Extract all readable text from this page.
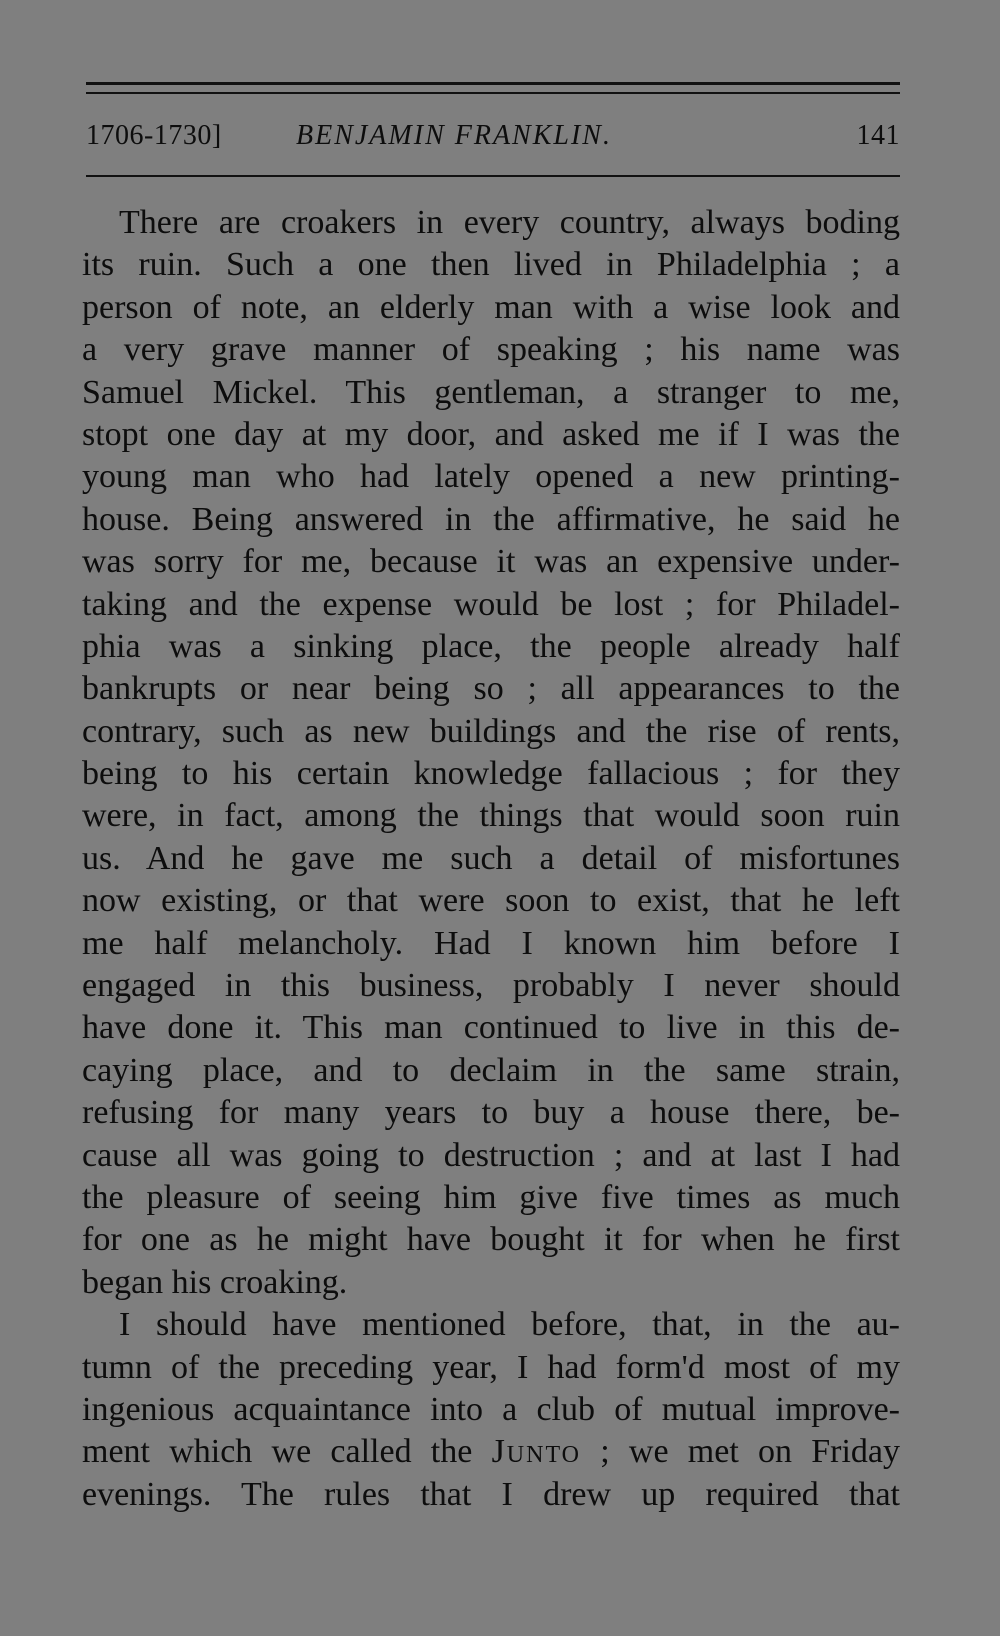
1706-1730]	BENJAMIN FRANKLIN.	141
There are croakers in every country, always boding
its ruin. Such a one then lived in Philadelphia ; a
person of note, an elderly man with a wise look and
a very grave manner of speaking ; his name was
Samuel Mickel. This gentleman, a stranger to me,
stopt one day at my door, and asked me if I was the
young man who had lately opened a new printing-
house. Being answered in the affirmative, he said he
was sorry for me, because it was an expensive under-
taking and the expense would be lost ; for Philadel-
phia was a sinking place, the people already half
bankrupts or near being so ; all appearances to the
contrary, such as new buildings and the rise of rents,
being to his certain knowledge fallacious ; for they
were, in fact, among the things that would soon ruin
us. And he gave me such a detail of misfortunes
now existing, or that were soon to exist, that he left
me half melancholy. Had I known him before I
engaged in this business, probably I never should
have done it. This man continued to live in this de-
caying place, and to declaim in the same strain,
refusing for many years to buy a house there, be-
cause all was going to destruction ; and at last I had
the pleasure of seeing him give five times as much
for one as he might have bought it for when he first
began his croaking.
I should have mentioned before, that, in the au-
tumn of the preceding year, I had form'd most of my
ingenious acquaintance into a club of mutual improve-
ment which we called the Junto ; we met on Friday
evenings. The rules that I drew up required that
